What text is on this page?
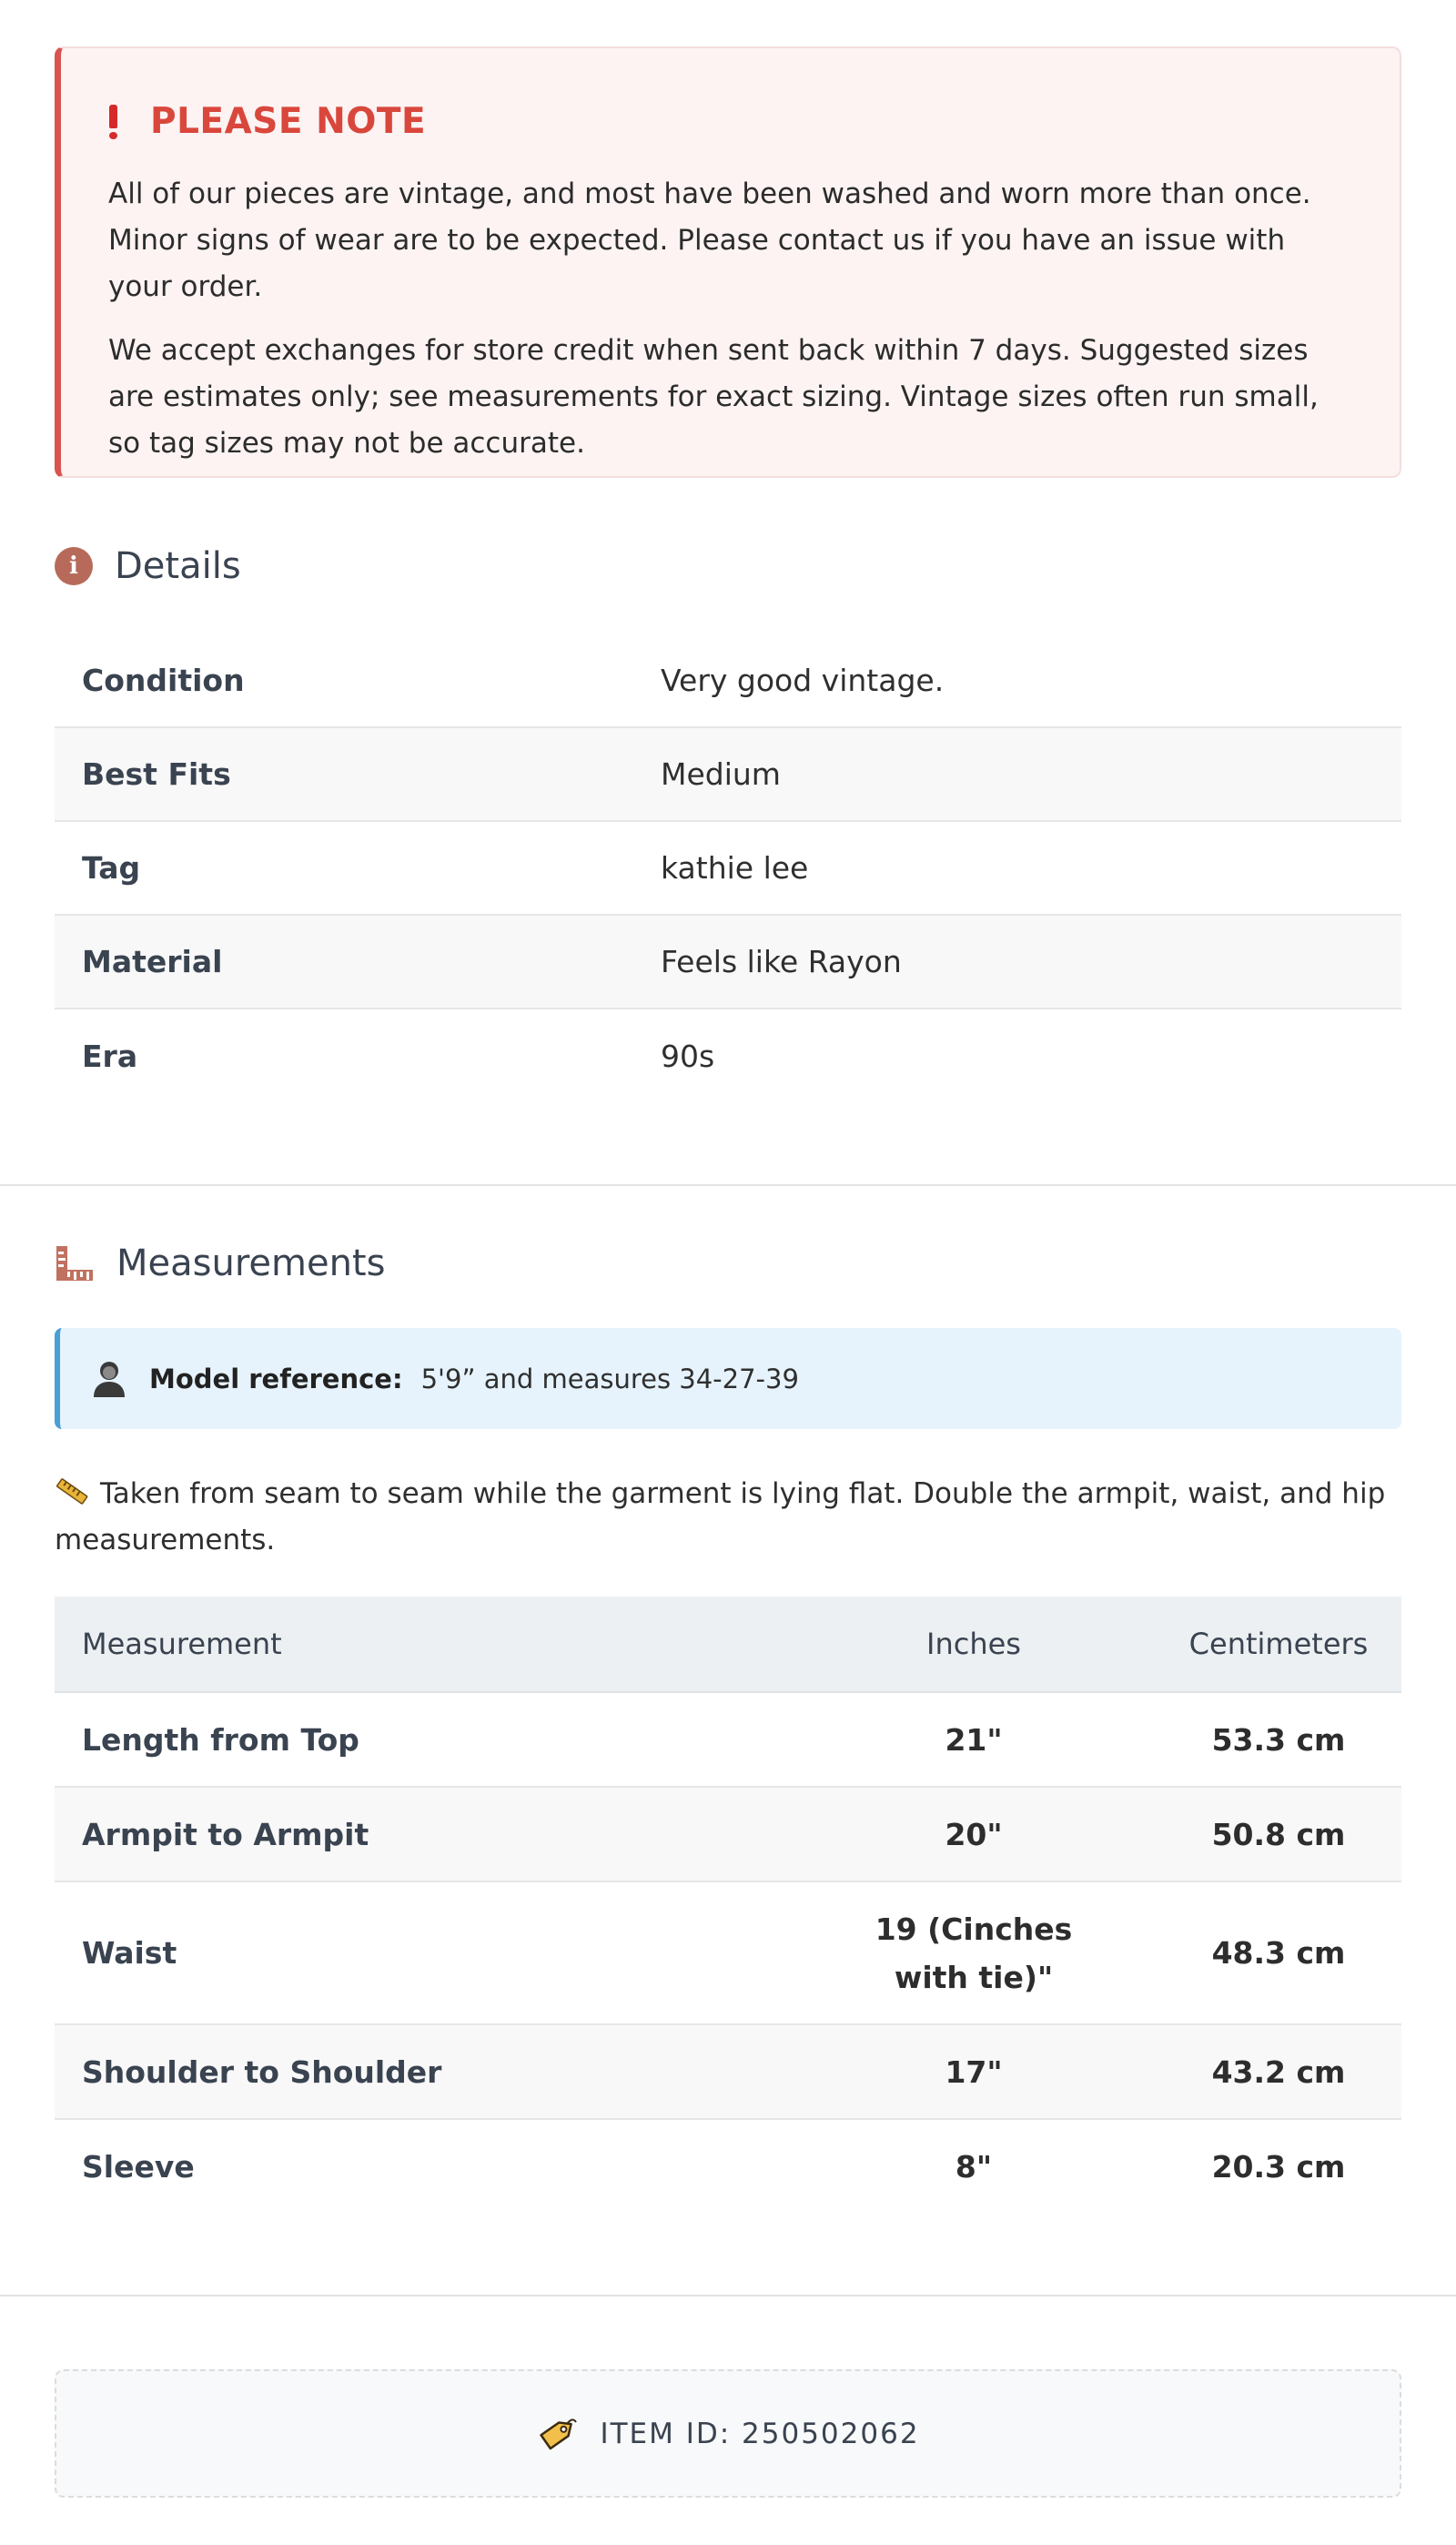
PLEASE NOTE

All of our pieces are vintage, and most have been washed and worn more than once. Minor signs of wear are to be expected. Please contact us if you have an issue with your order.

We accept exchanges for store credit when sent back within 7 days. Suggested sizes are estimates only; see measurements for exact sizing. Vintage sizes often run small, so tag sizes may not be accurate.

i	Details
Condition	Very good vintage.
Best Fits	Medium
Tag	kathie lee
Material	Feels like Rayon
Era	90s
Measurements
Model reference: 5'9” and measures 34-27-39
Taken from seam to seam while the garment is lying flat. Double the armpit, waist, and hip measurements.
Measurement	Inches	Centimeters
Length from Top	21"	53.3 cm
Armpit to Armpit	20"	50.8 cm
Waist	19 (Cinches with tie)"	48.3 cm
Shoulder to Shoulder	17"	43.2 cm
Sleeve	8"	20.3 cm
ITEM ID: 250502062
